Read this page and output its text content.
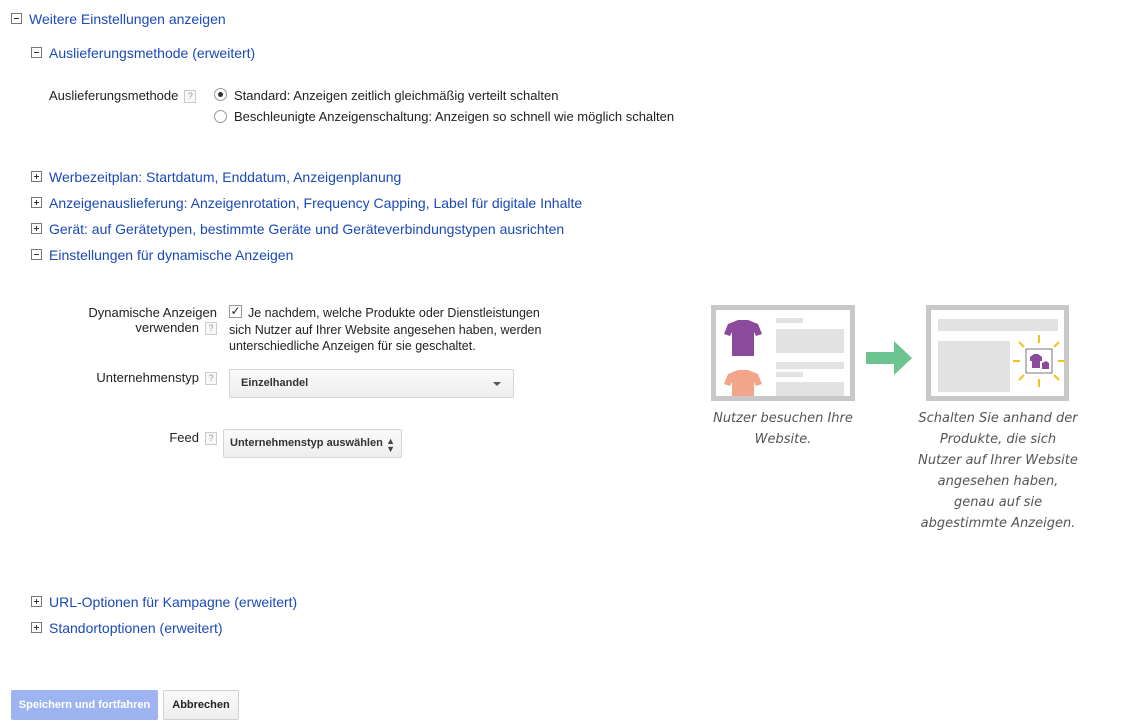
Weitere Einstellungen anzeigen
Auslieferungsmethode (erweitert)
Auslieferungsmethode ?	Standard: Anzeigen zeitlich gleichmäßig verteilt schalten
Beschleunigte Anzeigenschaltung: Anzeigen so schnell wie möglich schalten
Werbezeitplan: Startdatum, Enddatum, Anzeigenplanung
Anzeigenauslieferung: Anzeigenrotation, Frequency Capping, Label für digitale Inhalte
Gerät: auf Gerätetypen, bestimmte Geräte und Geräteverbindungstypen ausrichten
Einstellungen für dynamische Anzeigen
Dynamische Anzeigen
verwenden ?
✓ Je nachdem, welche Produkte oder Dienstleistungen sich Nutzer auf Ihrer Website angesehen haben, werden unterschiedliche Anzeigen für sie geschaltet.
Unternehmenstyp ?	Einzelhandel
Feed ?	Unternehmenstyp auswählen ▲
▼
Nutzer besuchen Ihre Website.
Schalten Sie anhand der Produkte, die sich Nutzer auf Ihrer Website angesehen haben, genau auf sie abgestimmte Anzeigen.
URL-Optionen für Kampagne (erweitert)
Standortoptionen (erweitert)
Speichern und fortfahren	Abbrechen
